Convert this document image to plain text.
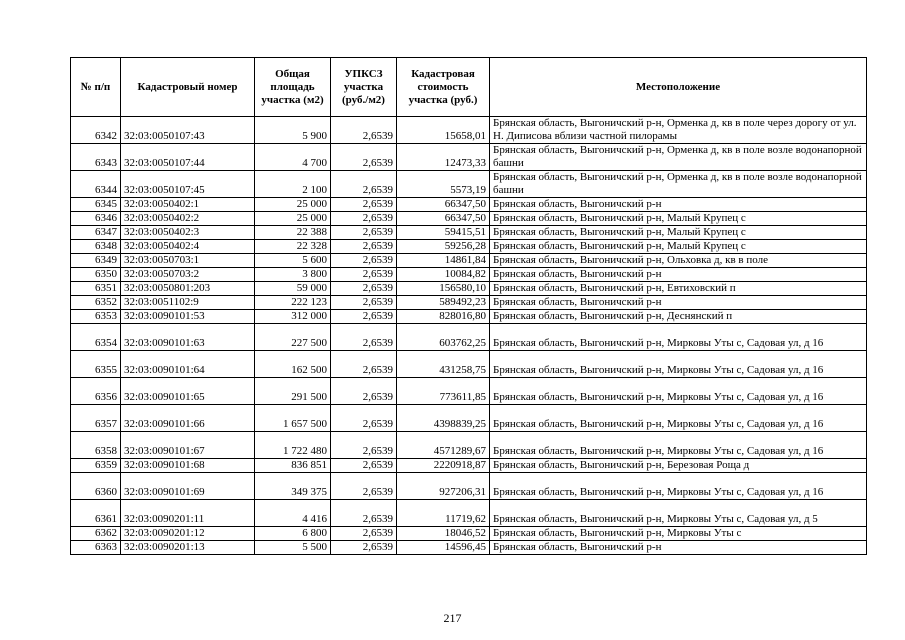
№ п/п	Кадастровый номер	Общая площадь участка (м2)	УПКСЗ участка (руб./м2)	Кадастровая стоимость участка (руб.)	Местоположение
6342	32:03:0050107:43	5 900	2,6539	15658,01	Брянская область, Выгоничский р-н, Орменка д, кв в поле через дорогу от ул. Н. Диписова вблизи частной пилорамы
6343	32:03:0050107:44	4 700	2,6539	12473,33	Брянская область, Выгоничский р-н, Орменка д, кв в поле возле водонапорной башни
6344	32:03:0050107:45	2 100	2,6539	5573,19	Брянская область, Выгоничский р-н, Орменка д, кв в поле возле водонапорной башни
6345	32:03:0050402:1	25 000	2,6539	66347,50	Брянская область, Выгоничский р-н
6346	32:03:0050402:2	25 000	2,6539	66347,50	Брянская область, Выгоничский р-н, Малый Крупец с
6347	32:03:0050402:3	22 388	2,6539	59415,51	Брянская область, Выгоничский р-н, Малый Крупец с
6348	32:03:0050402:4	22 328	2,6539	59256,28	Брянская область, Выгоничский р-н, Малый Крупец с
6349	32:03:0050703:1	5 600	2,6539	14861,84	Брянская область, Выгоничский р-н, Ольховка д, кв в поле
6350	32:03:0050703:2	3 800	2,6539	10084,82	Брянская область, Выгоничский р-н
6351	32:03:0050801:203	59 000	2,6539	156580,10	Брянская область, Выгоничский р-н, Евтиховский п
6352	32:03:0051102:9	222 123	2,6539	589492,23	Брянская область, Выгоничский р-н
6353	32:03:0090101:53	312 000	2,6539	828016,80	Брянская область, Выгоничский р-н, Деснянский п
6354	32:03:0090101:63	227 500	2,6539	603762,25	Брянская область, Выгоничский р-н, Мирковы Уты с, Садовая ул, д 16
6355	32:03:0090101:64	162 500	2,6539	431258,75	Брянская область, Выгоничский р-н, Мирковы Уты с, Садовая ул, д 16
6356	32:03:0090101:65	291 500	2,6539	773611,85	Брянская область, Выгоничский р-н, Мирковы Уты с, Садовая ул, д 16
6357	32:03:0090101:66	1 657 500	2,6539	4398839,25	Брянская область, Выгоничский р-н, Мирковы Уты с, Садовая ул, д 16
6358	32:03:0090101:67	1 722 480	2,6539	4571289,67	Брянская область, Выгоничский р-н, Мирковы Уты с, Садовая ул, д 16
6359	32:03:0090101:68	836 851	2,6539	2220918,87	Брянская область, Выгоничский р-н, Березовая Роща д
6360	32:03:0090101:69	349 375	2,6539	927206,31	Брянская область, Выгоничский р-н, Мирковы Уты с, Садовая ул, д 16
6361	32:03:0090201:11	4 416	2,6539	11719,62	Брянская область, Выгоничский р-н, Мирковы Уты с, Садовая ул, д 5
6362	32:03:0090201:12	6 800	2,6539	18046,52	Брянская область, Выгоничский р-н, Мирковы Уты с
6363	32:03:0090201:13	5 500	2,6539	14596,45	Брянская область, Выгоничский р-н
217
